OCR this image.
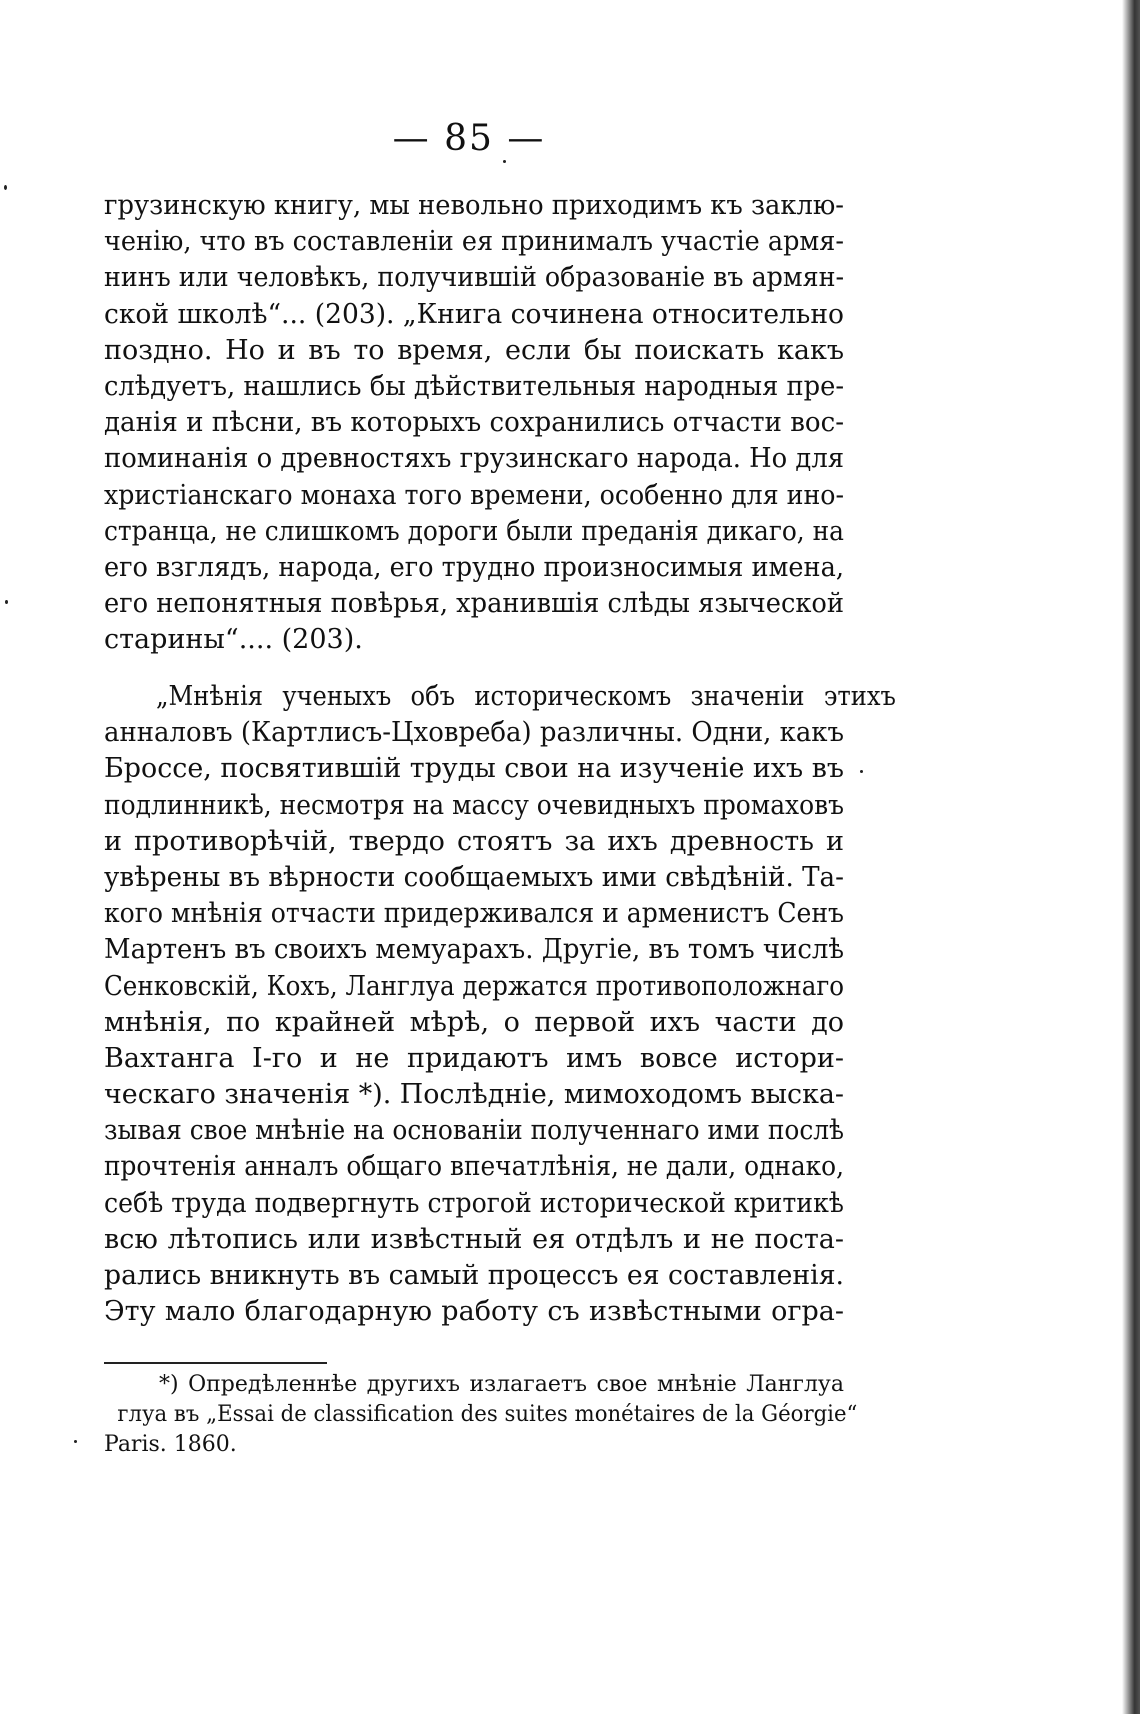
— 85 —
грузинскую книгу, мы невольно приходимъ къ заклю-
ченію, что въ составленіи ея принималъ участіе армя-
нинъ или человѣкъ, получившій образованіе въ армян-
ской школѣ“... (203). „Книга сочинена относительно
поздно. Но и въ то время, если бы поискать какъ
слѣдуетъ, нашлись бы дѣйствительныя народныя пре-
данія и пѣсни, въ которыхъ сохранились отчасти вос-
поминанія о древностяхъ грузинскаго народа. Но для
христіанскаго монаха того времени, особенно для ино-
странца, не слишкомъ дороги были преданія дикаго, на
его взглядъ, народа, его трудно произносимыя имена,
его непонятныя повѣрья, хранившія слѣды языческой
старины“.... (203).
„Мнѣнія ученыхъ объ историческомъ значеніи этихъ
анналовъ (Картлисъ-Цховреба) различны. Одни, какъ
Броссе, посвятившій труды свои на изученіе ихъ въ
подлинникѣ, несмотря на массу очевидныхъ промаховъ
и противорѣчій, твердо стоятъ за ихъ древность и
увѣрены въ вѣрности сообщаемыхъ ими свѣдѣній. Та-
кого мнѣнія отчасти придерживался и арменистъ Сенъ
Мартенъ въ своихъ мемуарахъ. Другіе, въ томъ числѣ
Сенковскій, Кохъ, Ланглуа держатся противоположнаго
мнѣнія, по крайней мѣрѣ, о первой ихъ части до
Вахтанга I-го и не придаютъ имъ вовсе истори-
ческаго значенія *). Послѣдніе, мимоходомъ выска-
зывая свое мнѣніе на основаніи полученнаго ими послѣ
прочтенія анналъ общаго впечатлѣнія, не дали, однако,
себѣ труда подвергнуть строгой исторической критикѣ
всю лѣтопись или извѣстный ея отдѣлъ и не поста-
рались вникнуть въ самый процессъ ея составленія.
Эту мало благодарную работу съ извѣстными огра-
*) Опредѣленнѣе другихъ излагаетъ свое мнѣніе Ланглуа
глуа въ „Essai de classification des suites monétaires de la Géorgie“
Paris. 1860.
